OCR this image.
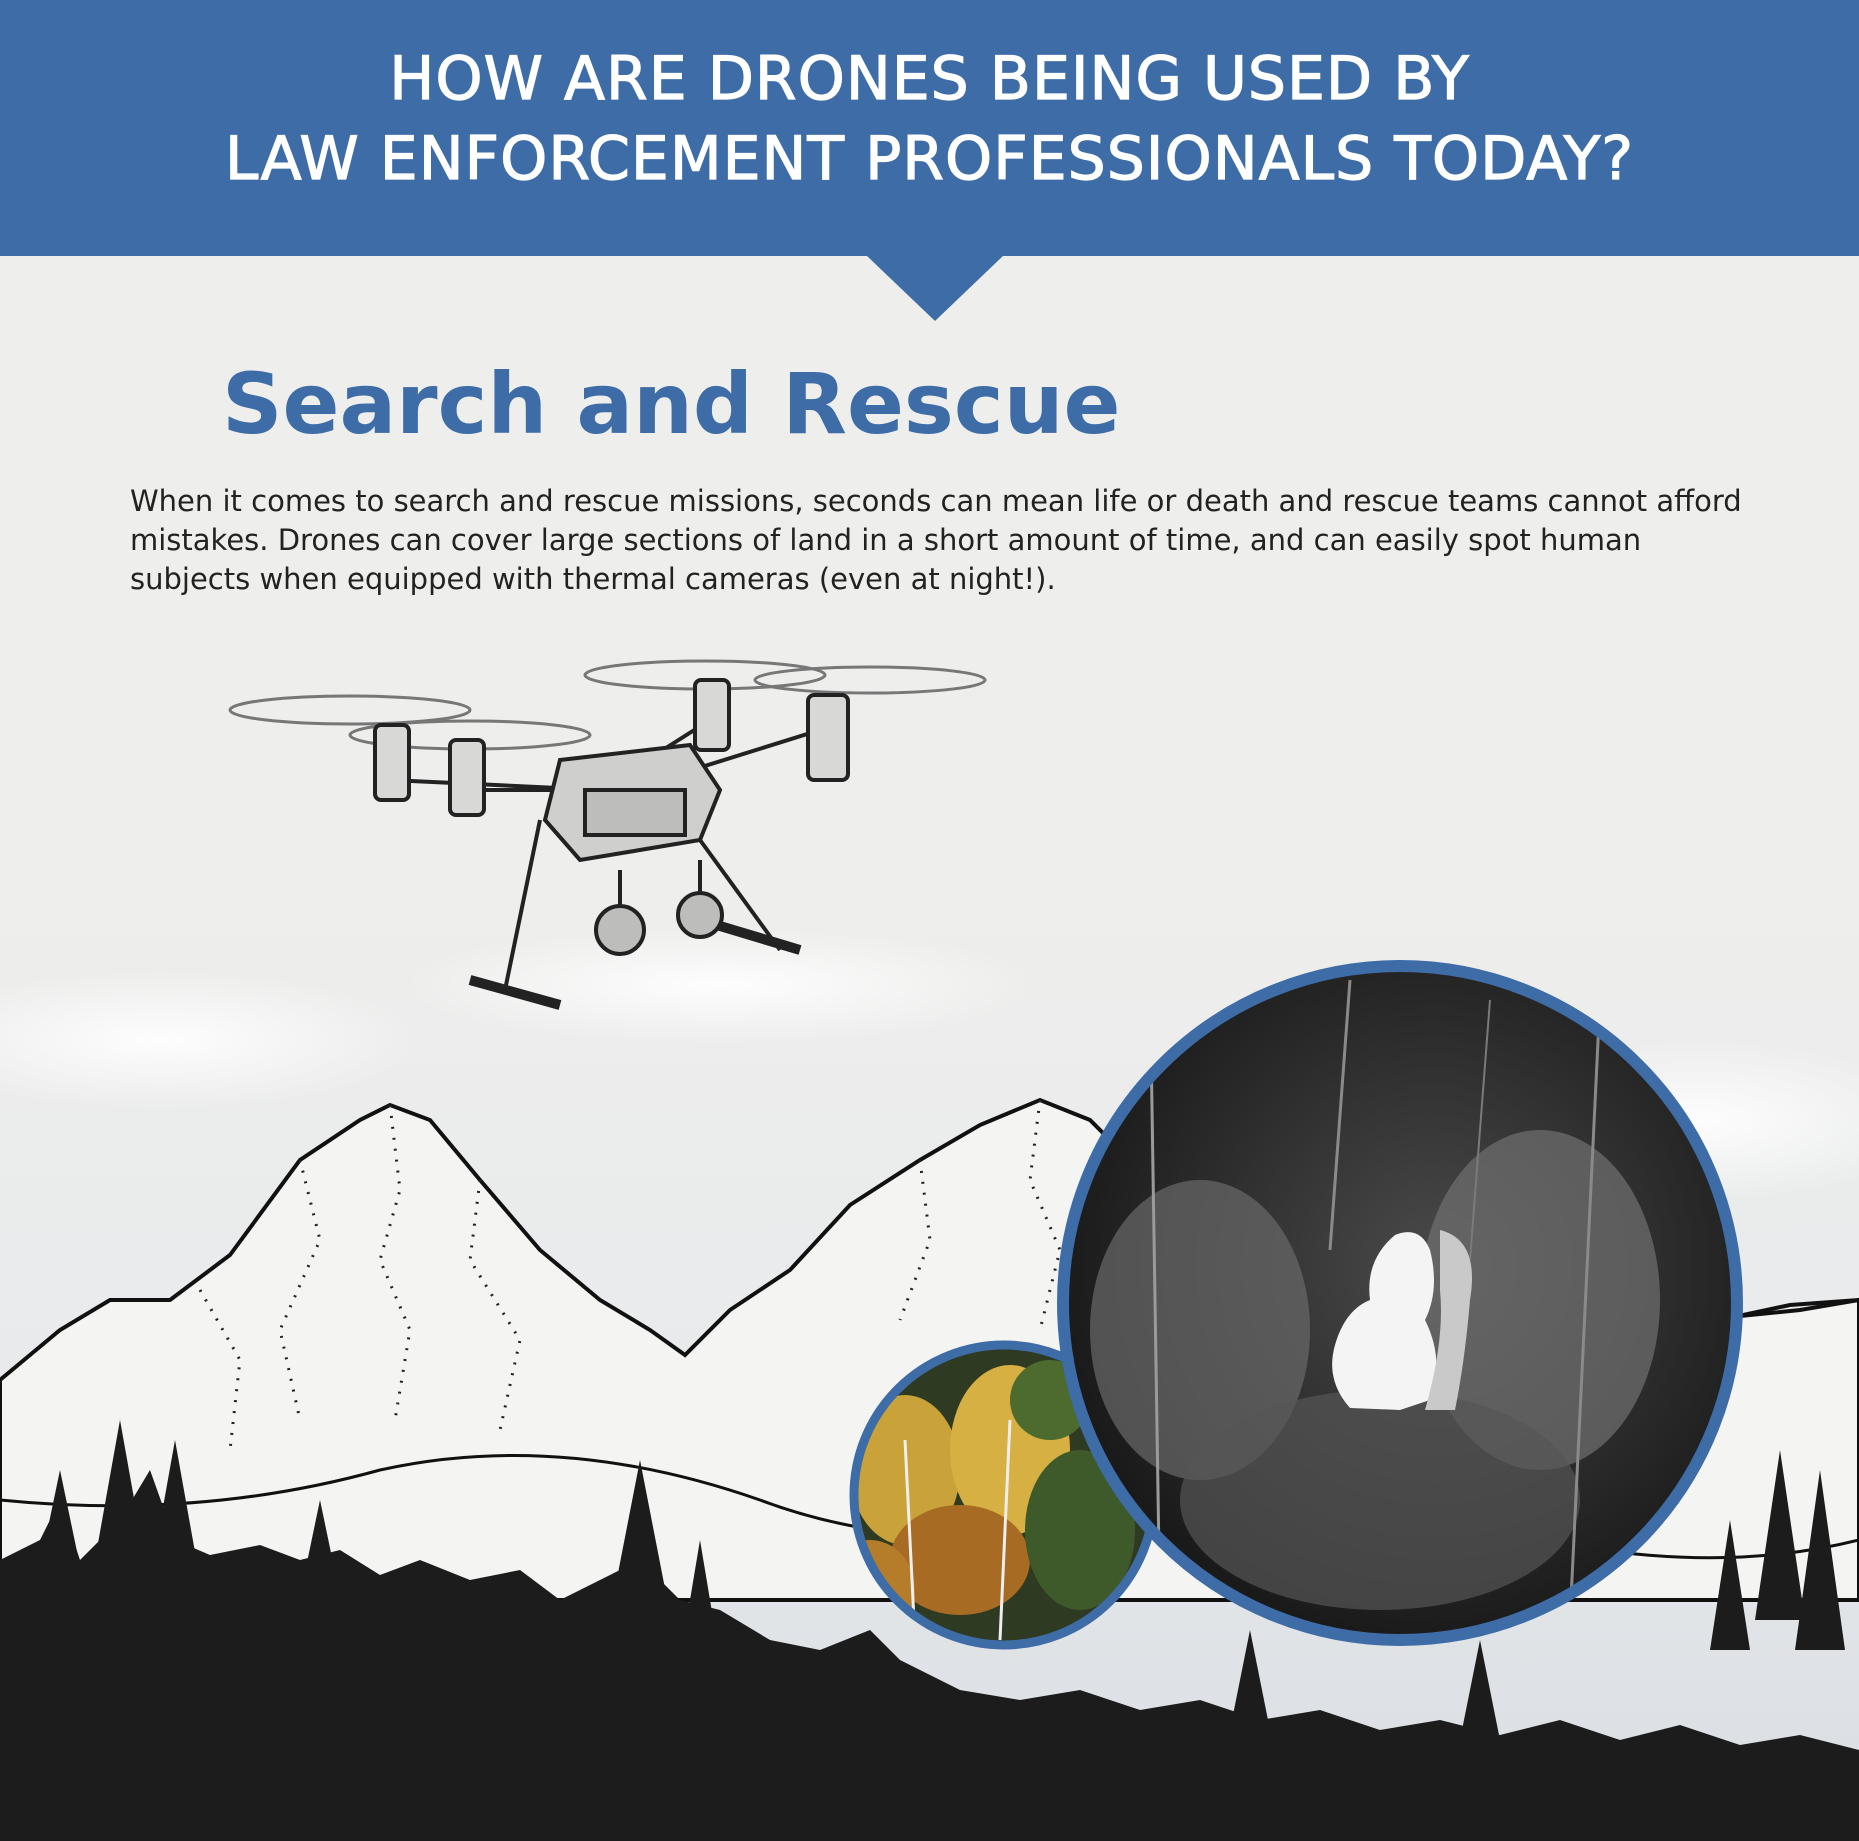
HOW ARE DRONES BEING USED BY
LAW ENFORCEMENT PROFESSIONALS TODAY?
Search and Rescue

When it comes to search and rescue missions, seconds can mean life or death and rescue teams cannot afford mistakes. Drones can cover large sections of land in a short amount of time, and can easily spot human subjects when equipped with thermal cameras (even at night!).
